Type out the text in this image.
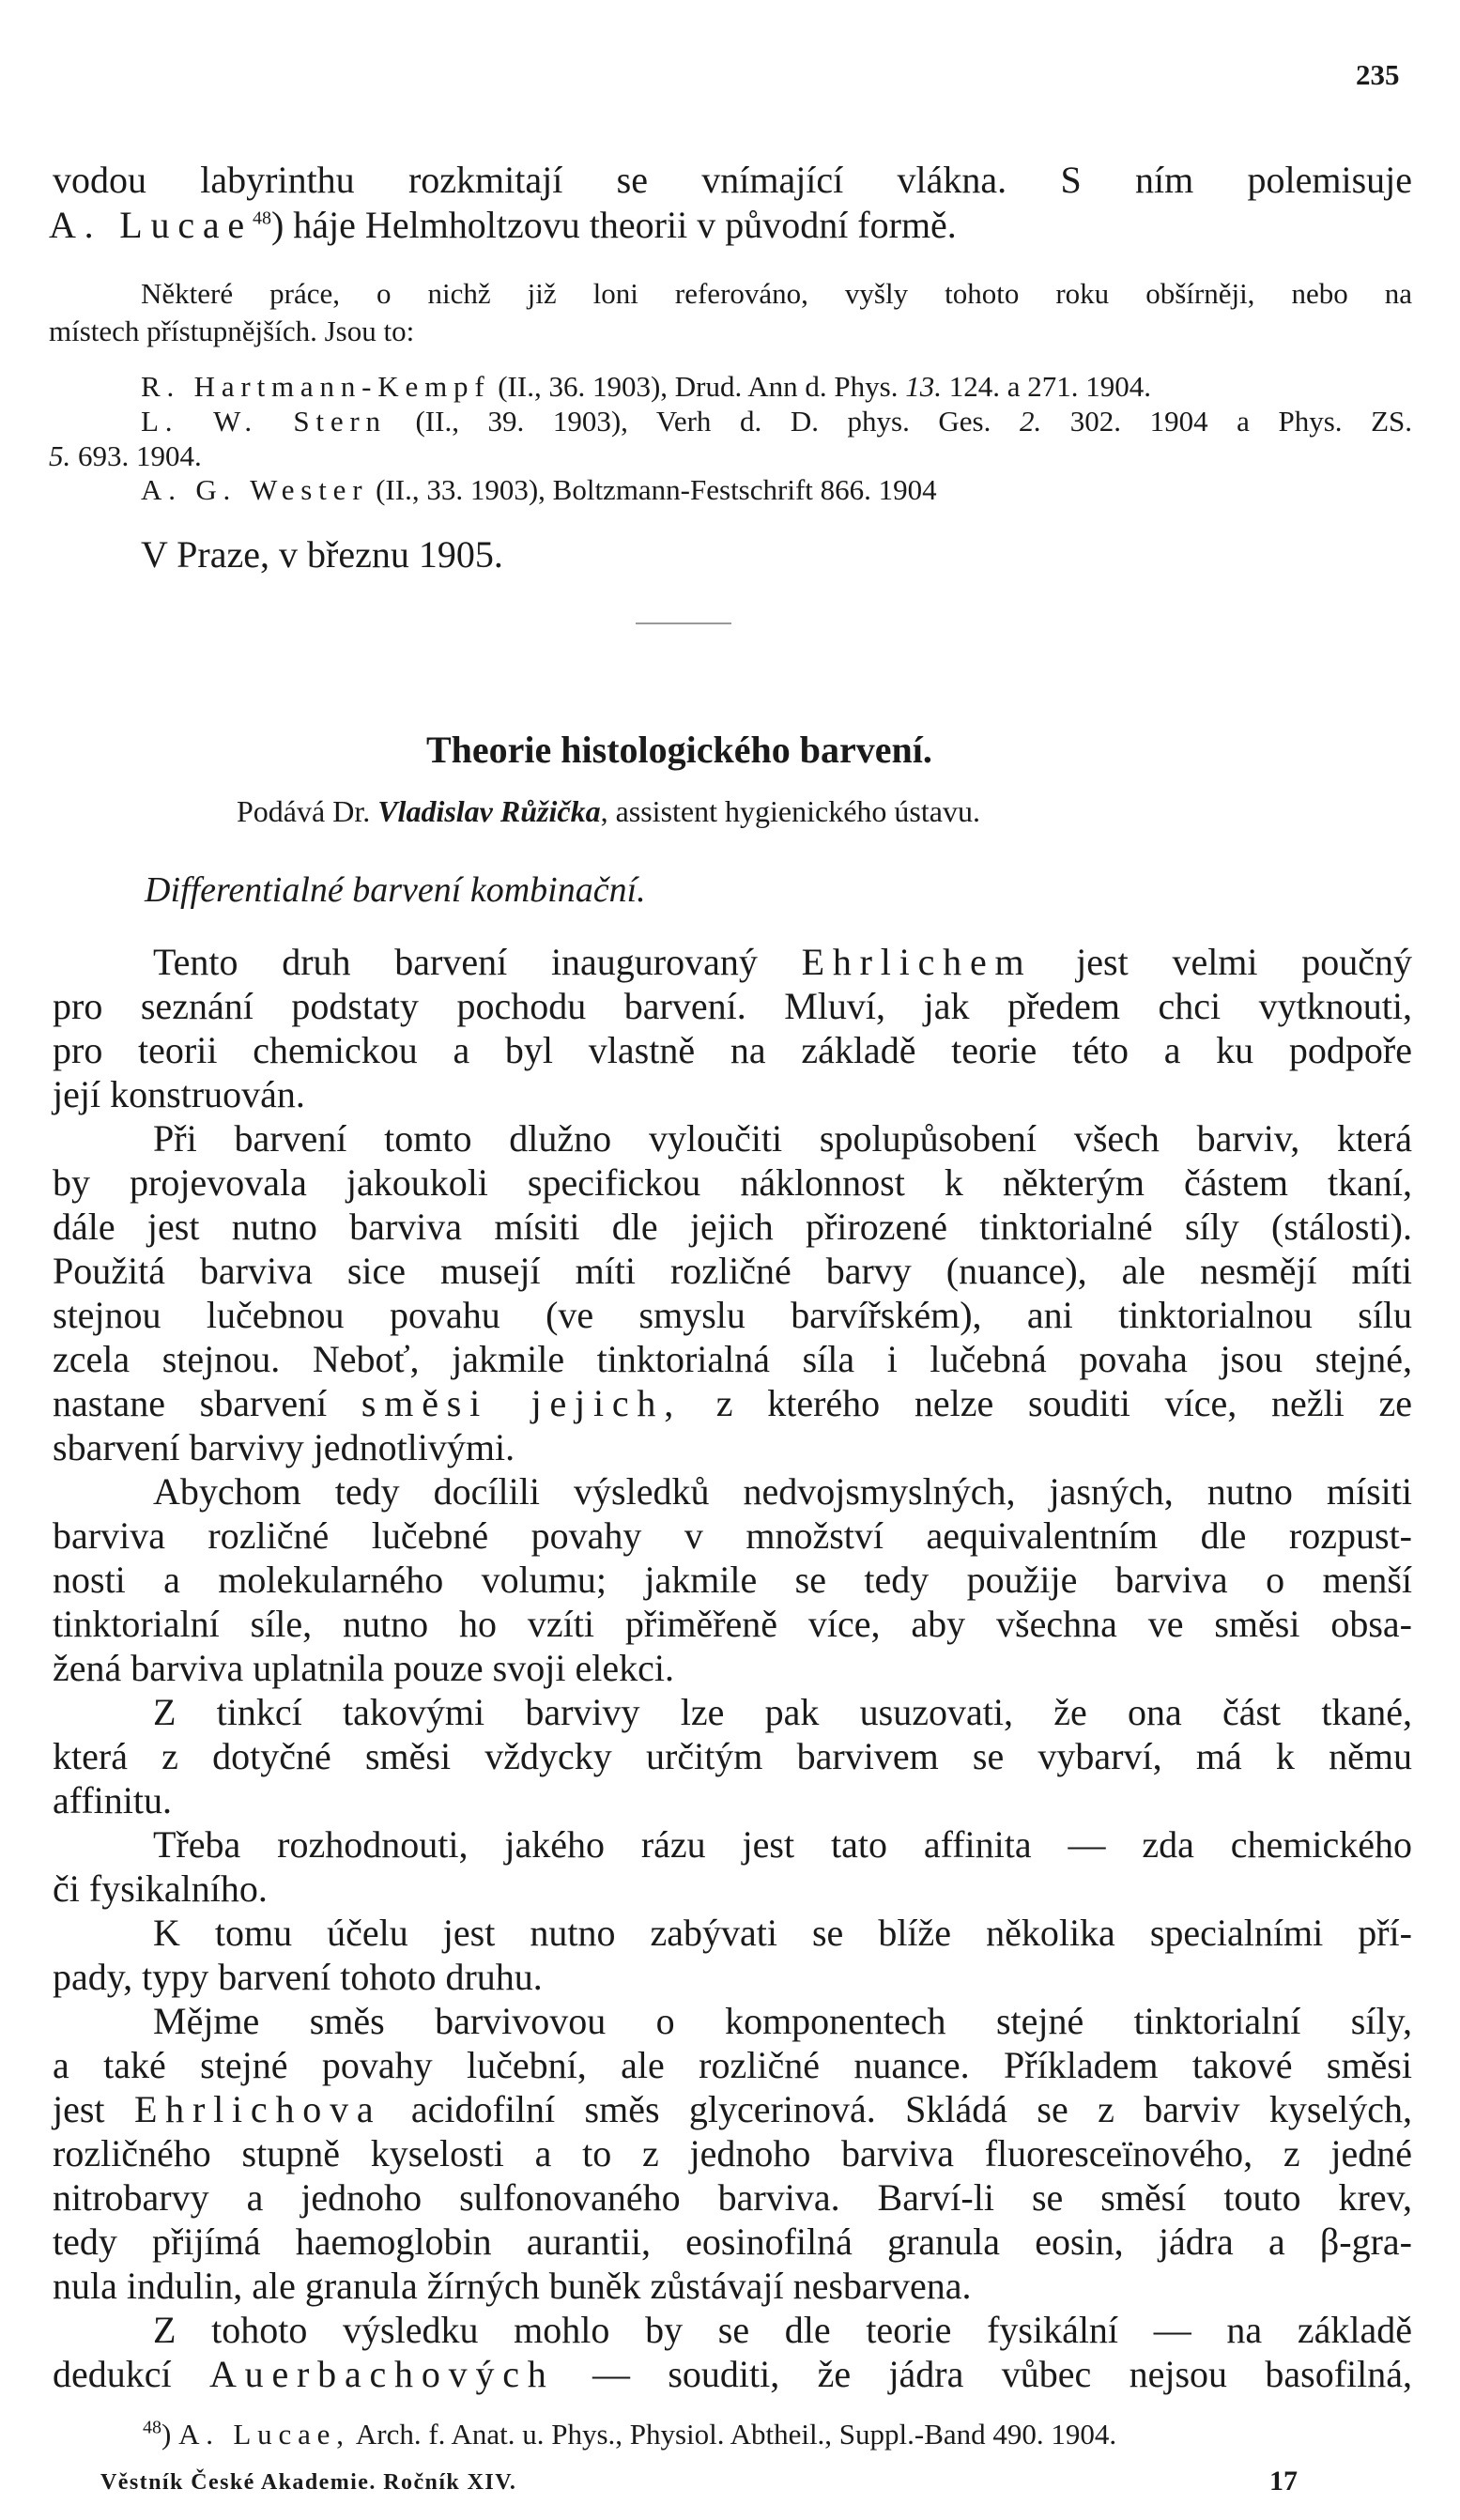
235
vodou labyrinthu rozkmitají se vnímající vlákna. S ním polemisuje
A. Lucae$^{48}$) háje Helmholtzovu theorii v původní formě.
Některé práce, o nichž již loni referováno, vyšly tohoto roku obšírněji, nebo na
místech přístupnějších. Jsou to:
R. Hartmann-Kempf (II., 36. 1903), Drud. Ann d. Phys. 13. 124. a 271. 1904.
L. W. Stern (II., 39. 1903), Verh d. D. phys. Ges. 2. 302. 1904 a Phys. ZS.
5. 693. 1904.
A. G. Wester (II., 33. 1903), Boltzmann-Festschrift 866. 1904
V Praze, v březnu 1905.
Theorie histologického barvení.
Podává Dr. Vladislav Růžička, assistent hygienického ústavu.
Differentialné barvení kombinační.
Tento druh barvení inaugurovaný Ehrlichem jest velmi poučný
pro seznání podstaty pochodu barvení. Mluví, jak předem chci vytknouti,
pro teorii chemickou a byl vlastně na základě teorie této a ku podpoře
její konstruován.
Při barvení tomto dlužno vyloučiti spolupůsobení všech barviv, která
by projevovala jakoukoli specifickou náklonnost k některým částem tkaní,
dále jest nutno barviva mísiti dle jejich přirozené tinktorialné síly (stálosti).
Použitá barviva sice musejí míti rozličné barvy (nuance), ale nesmějí míti
stejnou lučebnou povahu (ve smyslu barvířském), ani tinktorialnou sílu
zcela stejnou. Neboť, jakmile tinktorialná síla i lučebná povaha jsou stejné,
nastane sbarvení směsi jejich, z kterého nelze souditi více, nežli ze
sbarvení barvivy jednotlivými.
Abychom tedy docílili výsledků nedvojsmyslných, jasných, nutno mísiti
barviva rozličné lučebné povahy v množství aequivalentním dle rozpust-
nosti a molekularného volumu; jakmile se tedy použije barviva o menší
tinktorialní síle, nutno ho vzíti přiměřeně více, aby všechna ve směsi obsa-
žená barviva uplatnila pouze svoji elekci.
Z tinkcí takovými barvivy lze pak usuzovati, že ona část tkané,
která z dotyčné směsi vždycky určitým barvivem se vybarví, má k němu
affinitu.
Třeba rozhodnouti, jakého rázu jest tato affinita — zda chemického
či fysikalního.
K tomu účelu jest nutno zabývati se blíže několika specialními pří-
pady, typy barvení tohoto druhu.
Mějme směs barvivovou o komponentech stejné tinktorialní síly,
a také stejné povahy lučební, ale rozličné nuance. Příkladem takové směsi
jest Ehrlichova acidofilní směs glycerinová. Skládá se z barviv kyselých,
rozličného stupně kyselosti a to z jednoho barviva fluoresceïnového, z jedné
nitrobarvy a jednoho sulfonovaného barviva. Barví-li se směsí touto krev,
tedy přijímá haemoglobin aurantii, eosinofilná granula eosin, jádra a β-gra-
nula indulin, ale granula žírných buněk zůstávají nesbarvena.
Z tohoto výsledku mohlo by se dle teorie fysikální — na základě
dedukcí Auerbachových — souditi, že jádra vůbec nejsou basofilná,
$^{48}$) A. Lucae, Arch. f. Anat. u. Phys., Physiol. Abtheil., Suppl.-Band 490. 1904.
Věstník České Akademie. Ročník XIV.	17
